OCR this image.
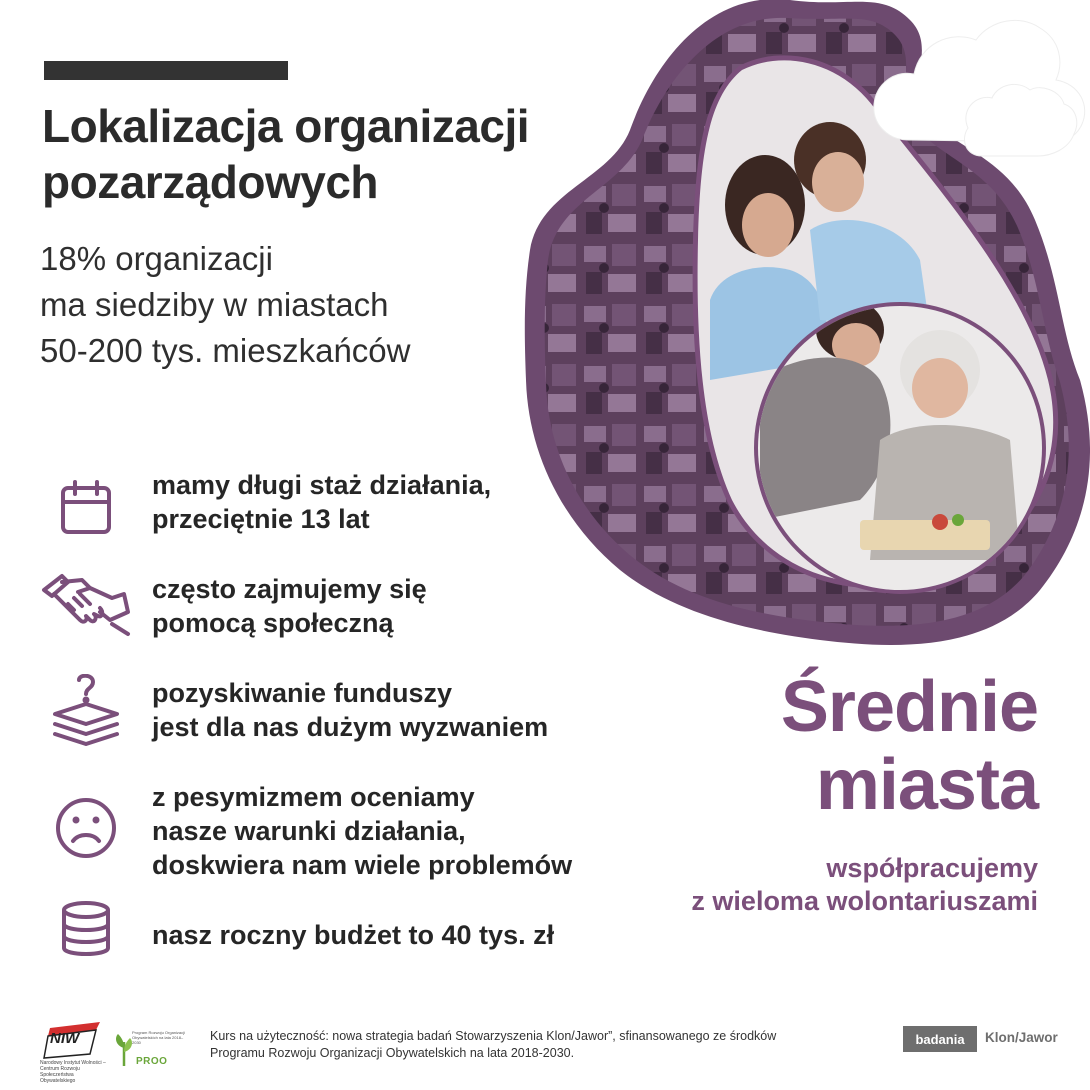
Lokalizacja organizacji
pozarządowych
18% organizacji
ma siedziby w miastach
50-200 tys. mieszkańców
mamy długi staż działania,
przeciętnie 13 lat
często zajmujemy się
pomocą społeczną
pozyskiwanie funduszy
jest dla nas dużym wyzwaniem
z pesymizmem oceniamy
nasze warunki działania,
doskwiera nam wiele problemów
nasz roczny budżet to 40 tys. zł
Średnie
miasta
współpracujemy
z wieloma wolontariuszami
NIW
Narodowy Instytut Wolności – Centrum Rozwoju Społeczeństwa Obywatelskiego
Program Rozwoju Organizacji Obywatelskich na lata 2018–2030
PROO
Kurs na użyteczność: nowa strategia badań Stowarzyszenia Klon/Jawor”, sfinansowanego ze środków
Programu Rozwoju Organizacji Obywatelskich na lata 2018-2030.
badania	Klon/Jawor
